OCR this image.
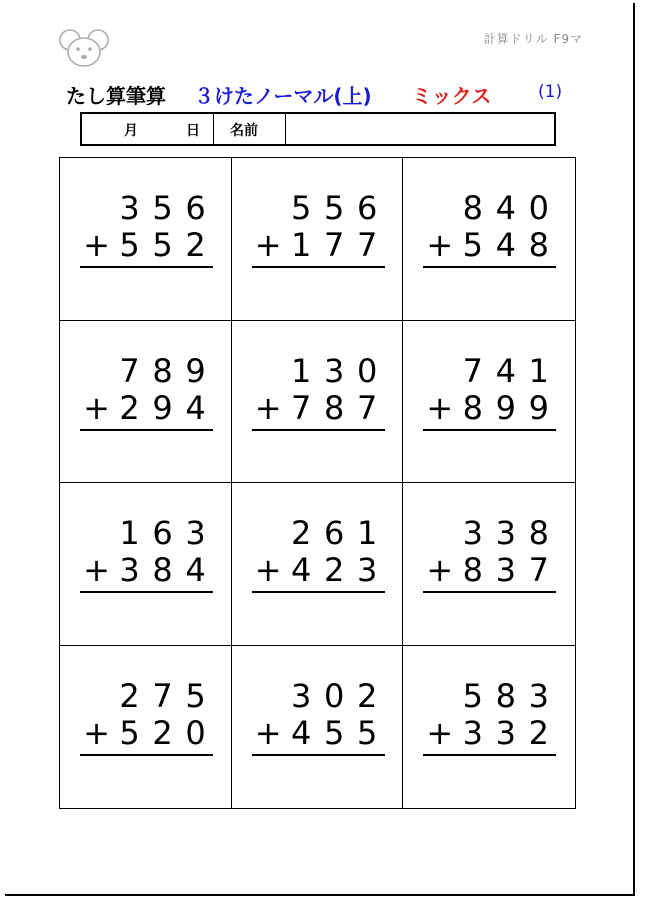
計算ドリル F9マ
たし算筆算 ３けたノーマル(上) ミックス	(1)
月	日 名前
3 5 6
+ 5 5 2
5 5 6
+ 1 7 7
8 4 0
+ 5 4 8
7 8 9
+ 2 9 4
1 3 0
+ 7 8 7
7 4 1
+ 8 9 9
1 6 3
+ 3 8 4
2 6 1
+ 4 2 3
3 3 8
+ 8 3 7
2 7 5
+ 5 2 0
3 0 2
+ 4 5 5
5 8 3
+ 3 3 2
